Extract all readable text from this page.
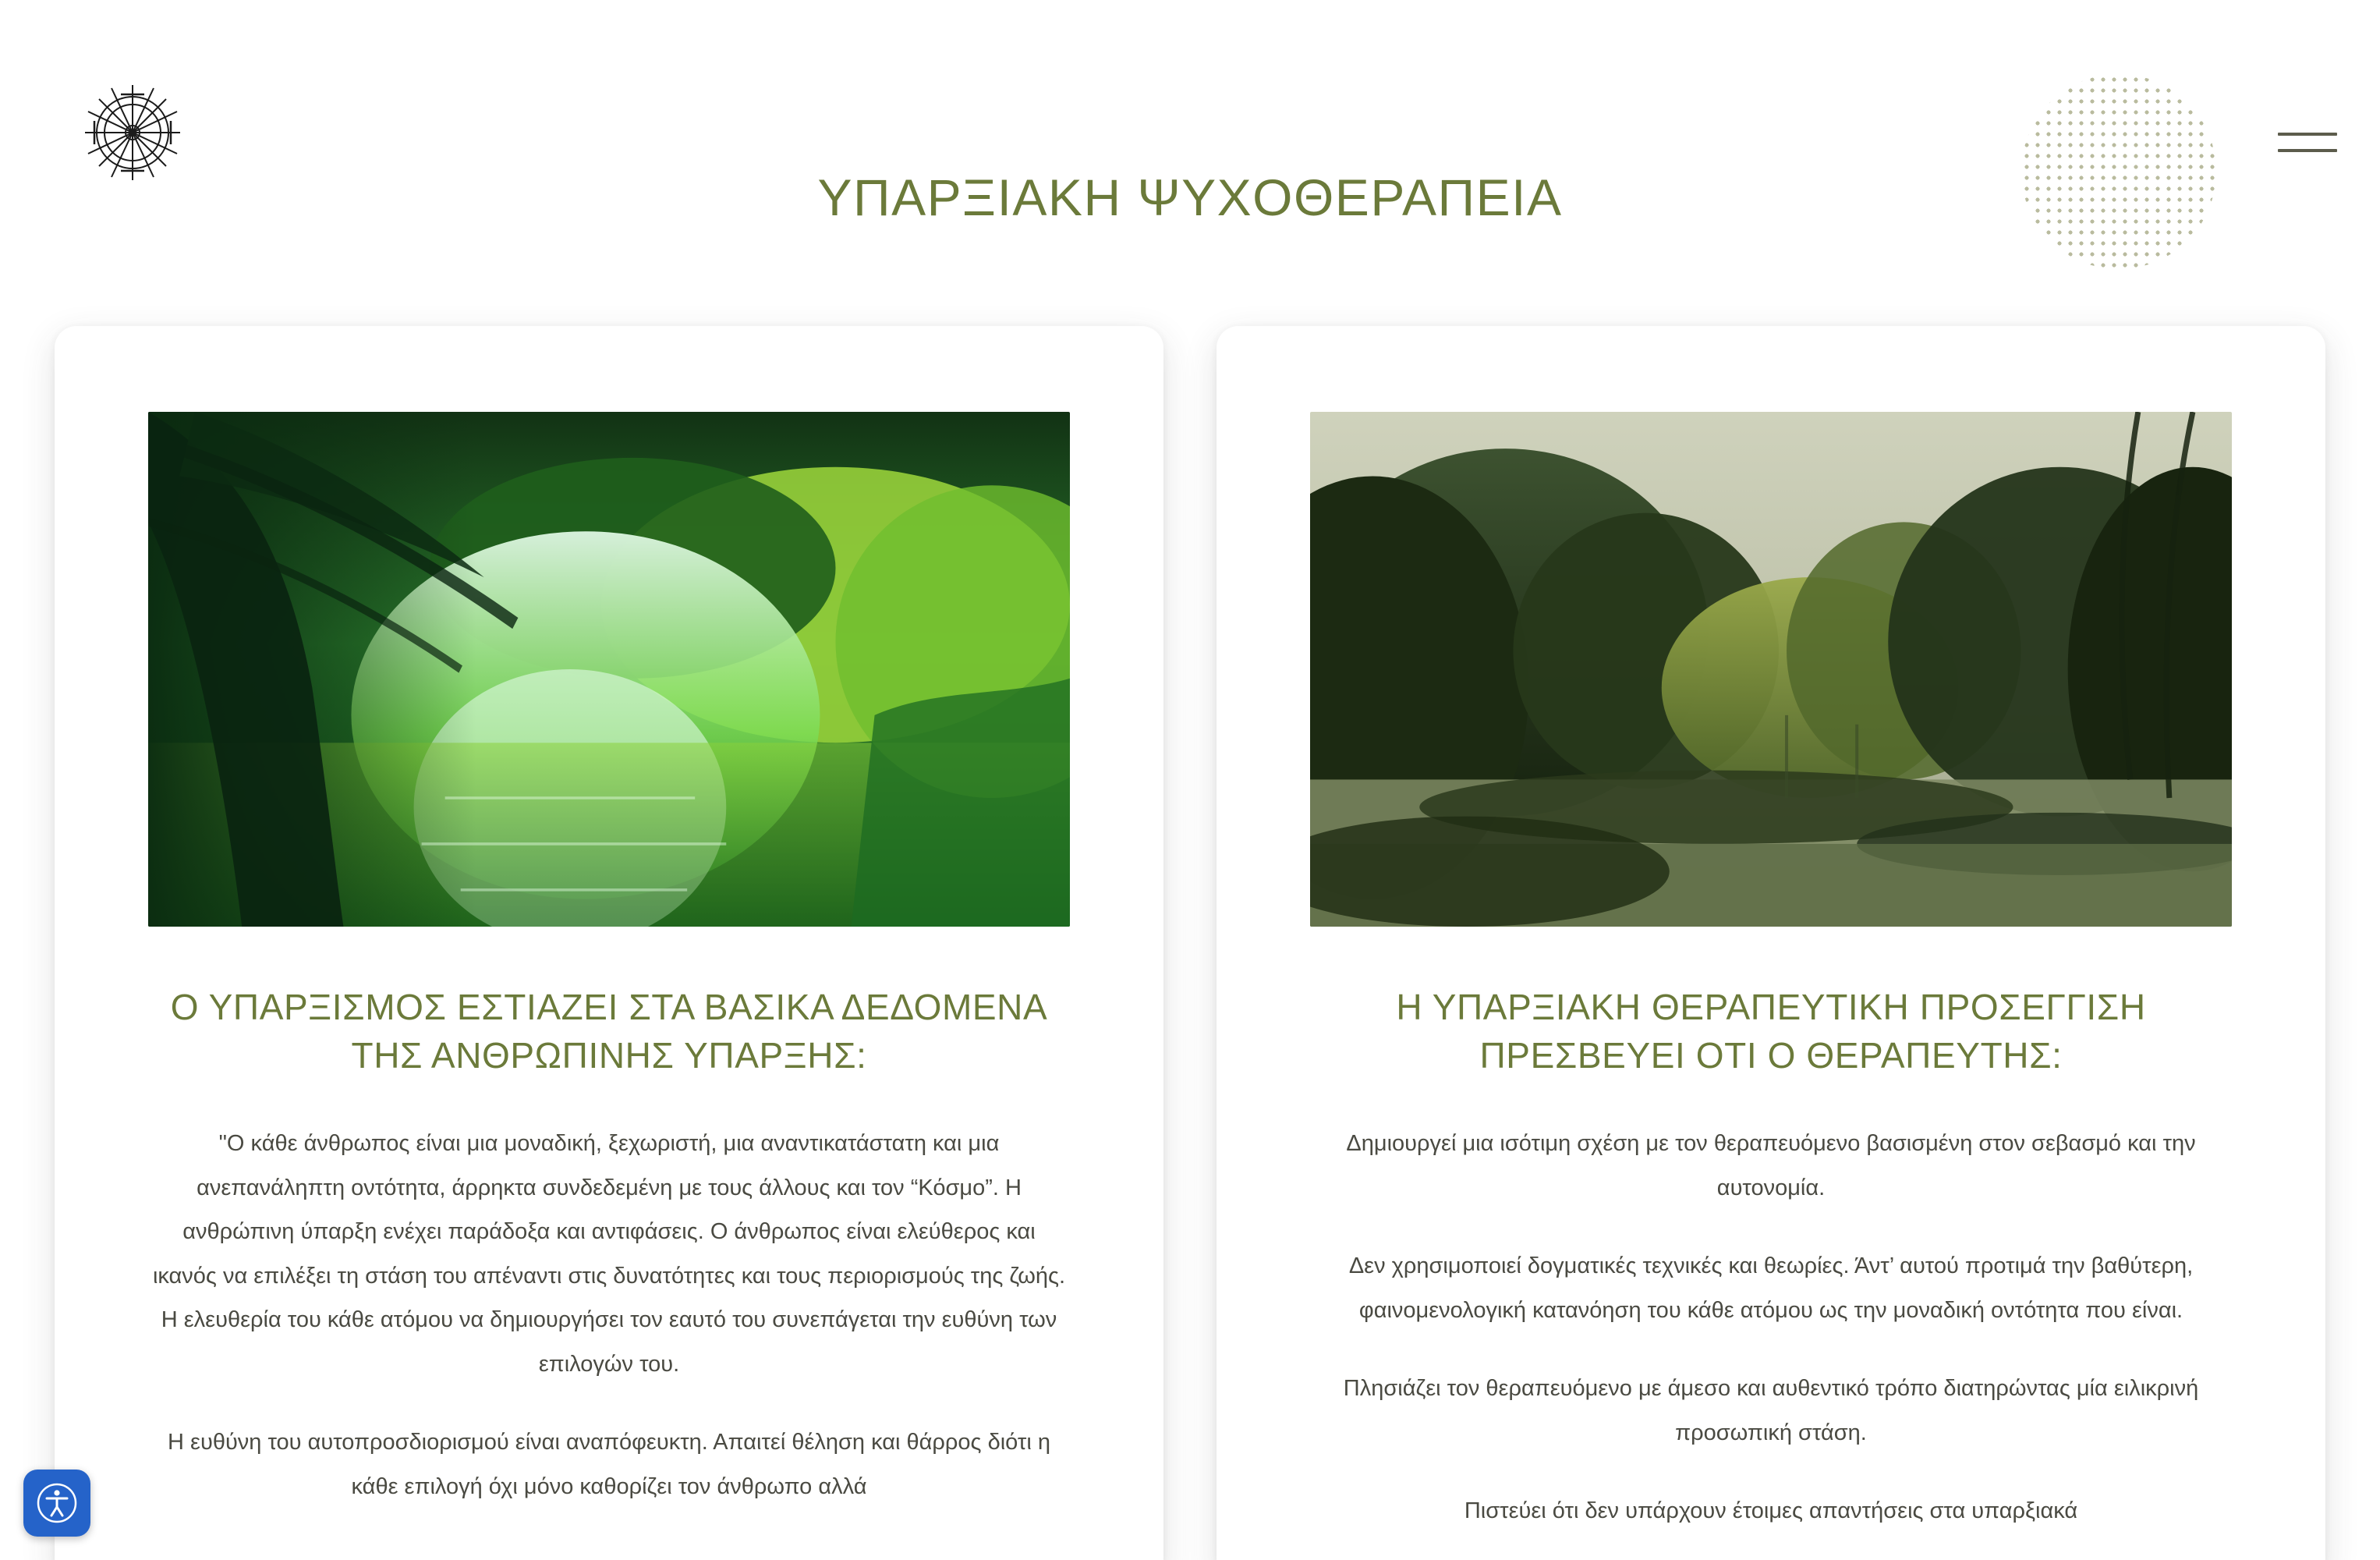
ΥΠΑΡΞΙΑΚΗ ΨΥΧΟΘΕΡΑΠΕΙΑ
Ο ΥΠΑΡΞΙΣΜΟΣ ΕΣΤΙΑΖΕΙ ΣΤΑ ΒΑΣΙΚΑ ΔΕΔΟΜΕΝΑ ΤΗΣ ΑΝΘΡΩΠΙΝΗΣ ΥΠΑΡΞΗΣ:

"Ο κάθε άνθρωπος είναι μια μοναδική, ξεχωριστή, μια αναντικατάστατη και μια ανεπανάληπτη οντότητα, άρρηκτα συνδεδεμένη με τους άλλους και τον “Κόσμο”. Η ανθρώπινη ύπαρξη ενέχει παράδοξα και αντιφάσεις. Ο άνθρωπος είναι ελεύθερος και ικανός να επιλέξει τη στάση του απέναντι στις δυνατότητες και τους περιορισμούς της ζωής. Η ελευθερία του κάθε ατόμου να δημιουργήσει τον εαυτό του συνεπάγεται την ευθύνη των επιλογών του.

Η ευθύνη του αυτοπροσδιορισμού είναι αναπόφευκτη. Απαιτεί θέληση και θάρρος διότι η κάθε επιλογή όχι μόνο καθορίζει τον άνθρωπο αλλά

Η ΥΠΑΡΞΙΑΚΗ ΘΕΡΑΠΕΥΤΙΚΗ ΠΡΟΣΕΓΓΙΣΗ ΠΡΕΣΒΕΥΕΙ ΟΤΙ Ο ΘΕΡΑΠΕΥΤΗΣ:

Δημιουργεί μια ισότιμη σχέση με τον θεραπευόμενο βασισμένη στον σεβασμό και την αυτονομία.

Δεν χρησιμοποιεί δογματικές τεχνικές και θεωρίες. Άντ’ αυτού προτιμά την βαθύτερη, φαινομενολογική κατανόηση του κάθε ατόμου ως την μοναδική οντότητα που είναι.

Πλησιάζει τον θεραπευόμενο με άμεσο και αυθεντικό τρόπο διατηρώντας μία ειλικρινή προσωπική στάση.

Πιστεύει ότι δεν υπάρχουν έτοιμες απαντήσεις στα υπαρξιακά
